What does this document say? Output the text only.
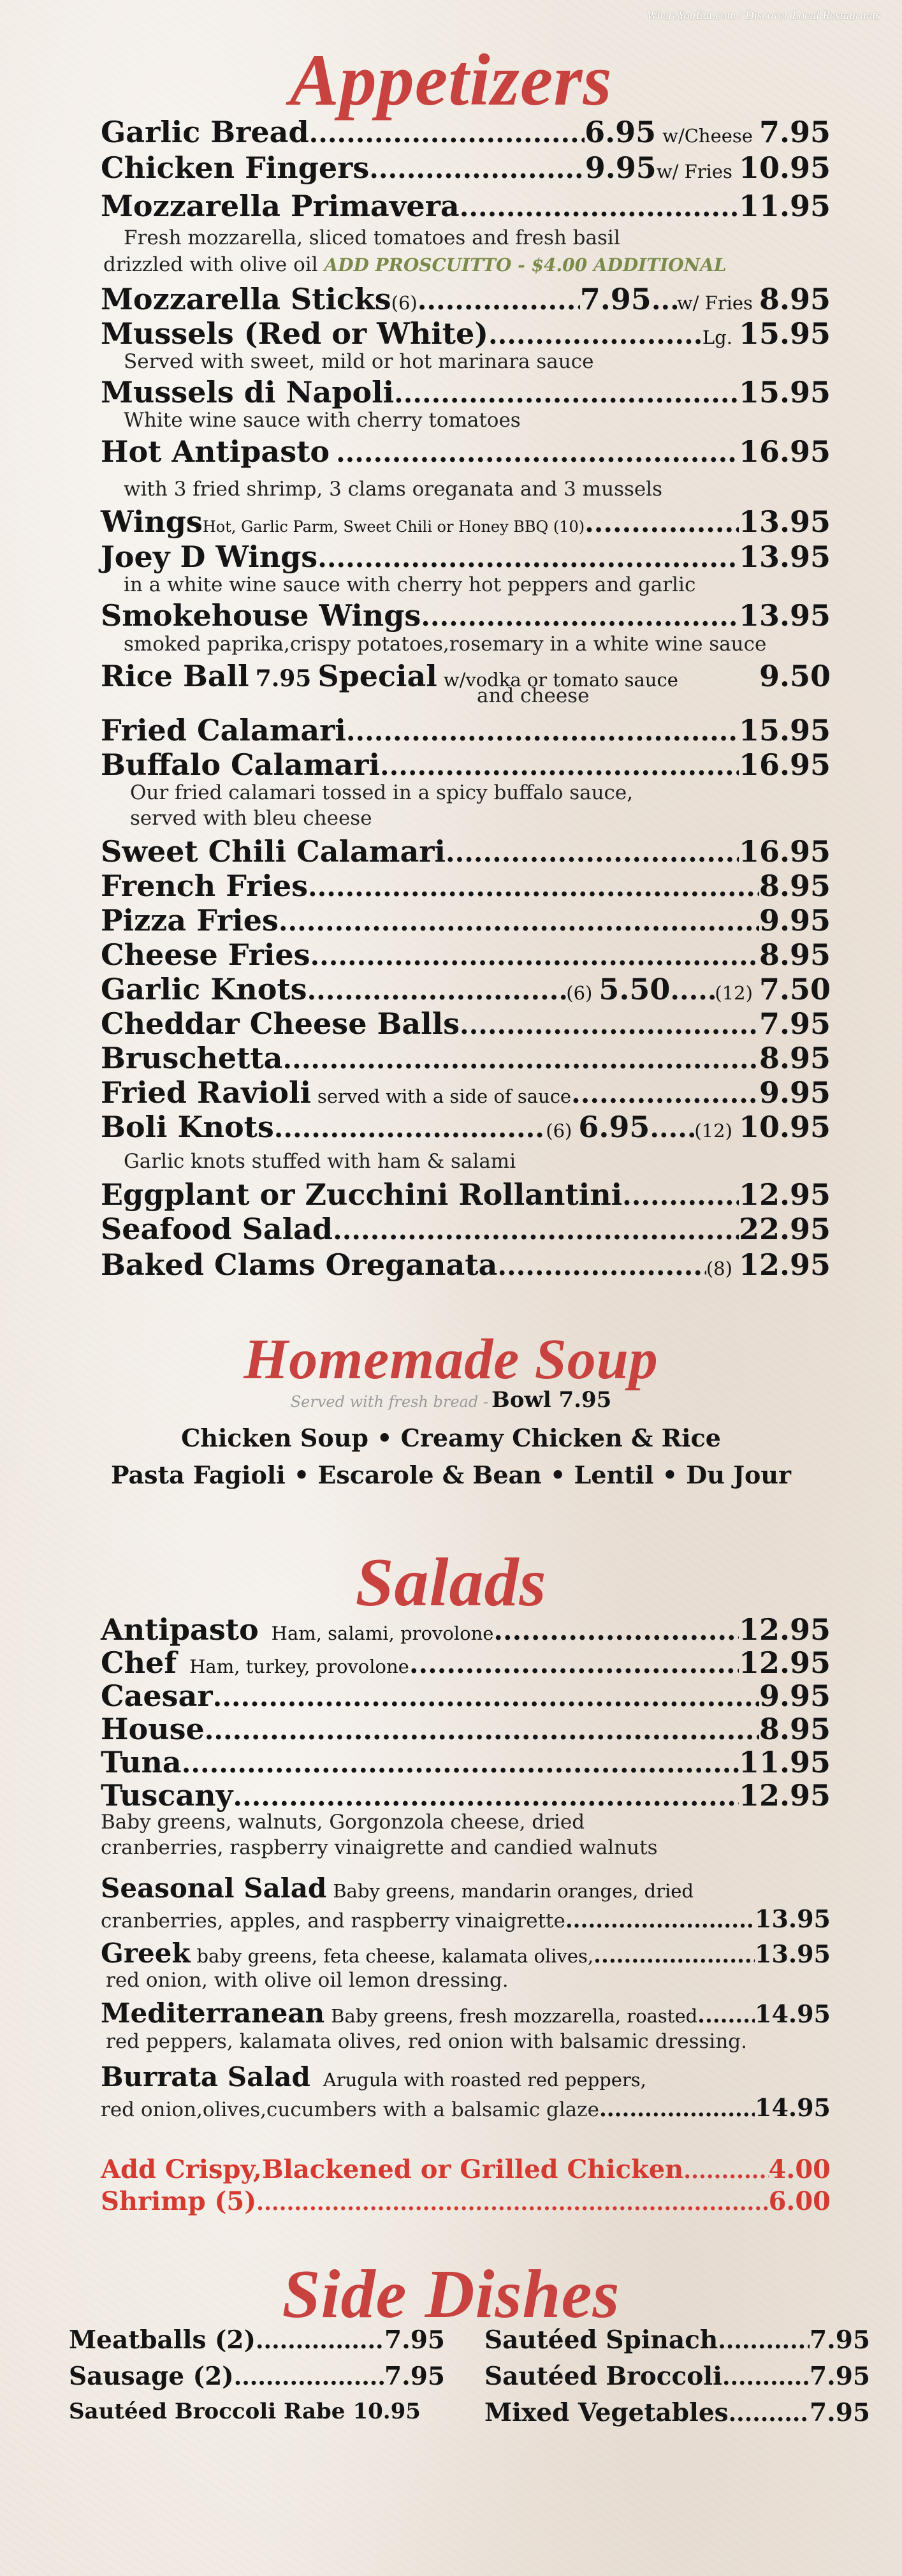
WhereYouEat.com / Discover Local Restaurants
Appetizers
Garlic Bread .....	6.95 w/Cheese 7.95
Chicken Fingers .....	9.95 w/ Fries 10.95
Mozzarella Primavera .....	11.95
Fresh mozzarella, sliced tomatoes and fresh basil
drizzled with olive oil ADD PROSCUITTO - $4.00 ADDITIONAL
Mozzarella Sticks (6) .....	7.95 ..... w/ Fries 8.95
Mussels (Red or White) .....	Lg. 15.95
Served with sweet, mild or hot marinara sauce
Mussels di Napoli .....	15.95
White wine sauce with cherry tomatoes
Hot Antipasto .....	16.95
with 3 fried shrimp, 3 clams oreganata and 3 mussels
Wings Hot, Garlic Parm, Sweet Chili or Honey BBQ (10) .....	13.95
Joey D Wings .....	13.95
in a white wine sauce with cherry hot peppers and garlic
Smokehouse Wings .....	13.95
smoked paprika,crispy potatoes,rosemary in a white wine sauce
Rice Ball 7.95 Special w/vodka or tomato sauce	9.50
and cheese
Fried Calamari .....	15.95
Buffalo Calamari .....	16.95
Our fried calamari tossed in a spicy buffalo sauce,
served with bleu cheese
Sweet Chili Calamari .....	16.95
French Fries .....	8.95
Pizza Fries .....	9.95
Cheese Fries .....	8.95
Garlic Knots .....	(6) 5.50 ..... (12) 7.50
Cheddar Cheese Balls .....	7.95
Bruschetta .....	8.95
Fried Ravioli served with a side of sauce .....	9.95
Boli Knots .....	(6) 6.95 ..... (12) 10.95
Garlic knots stuffed with ham & salami
Eggplant or Zucchini Rollantini .....	12.95
Seafood Salad .....	22.95
Baked Clams Oreganata .....	(8) 12.95
Homemade Soup
Served with fresh bread - Bowl 7.95

Chicken Soup • Creamy Chicken & Rice

Pasta Fagioli • Escarole & Bean • Lentil • Du Jour

Salads
Antipasto Ham, salami, provolone .....	12.95
Chef Ham, turkey, provolone .....	12.95
Caesar .....	9.95
House .....	8.95
Tuna .....	11.95
Tuscany .....	12.95
Baby greens, walnuts, Gorgonzola cheese, dried
cranberries, raspberry vinaigrette and candied walnuts
Seasonal Salad Baby greens, mandarin oranges, dried
cranberries, apples, and raspberry vinaigrette .....	13.95
Greek baby greens, feta cheese, kalamata olives, .....	13.95
red onion, with olive oil lemon dressing.
Mediterranean Baby greens, fresh mozzarella, roasted ..... 14.95
red peppers, kalamata olives, red onion with balsamic dressing.
Burrata Salad Arugula with roasted red peppers,
red onion,olives,cucumbers with a balsamic glaze .....	14.95
Add Crispy,Blackened or Grilled Chicken .....	4.00
Shrimp (5) .....	6.00
Side Dishes
Meatballs (2) .....	7.95
Sausage (2) .....	7.95
Sautéed Broccoli Rabe 10.95
Sautéed Spinach .....	7.95
Sautéed Broccoli .....	7.95
Mixed Vegetables .....	7.95
